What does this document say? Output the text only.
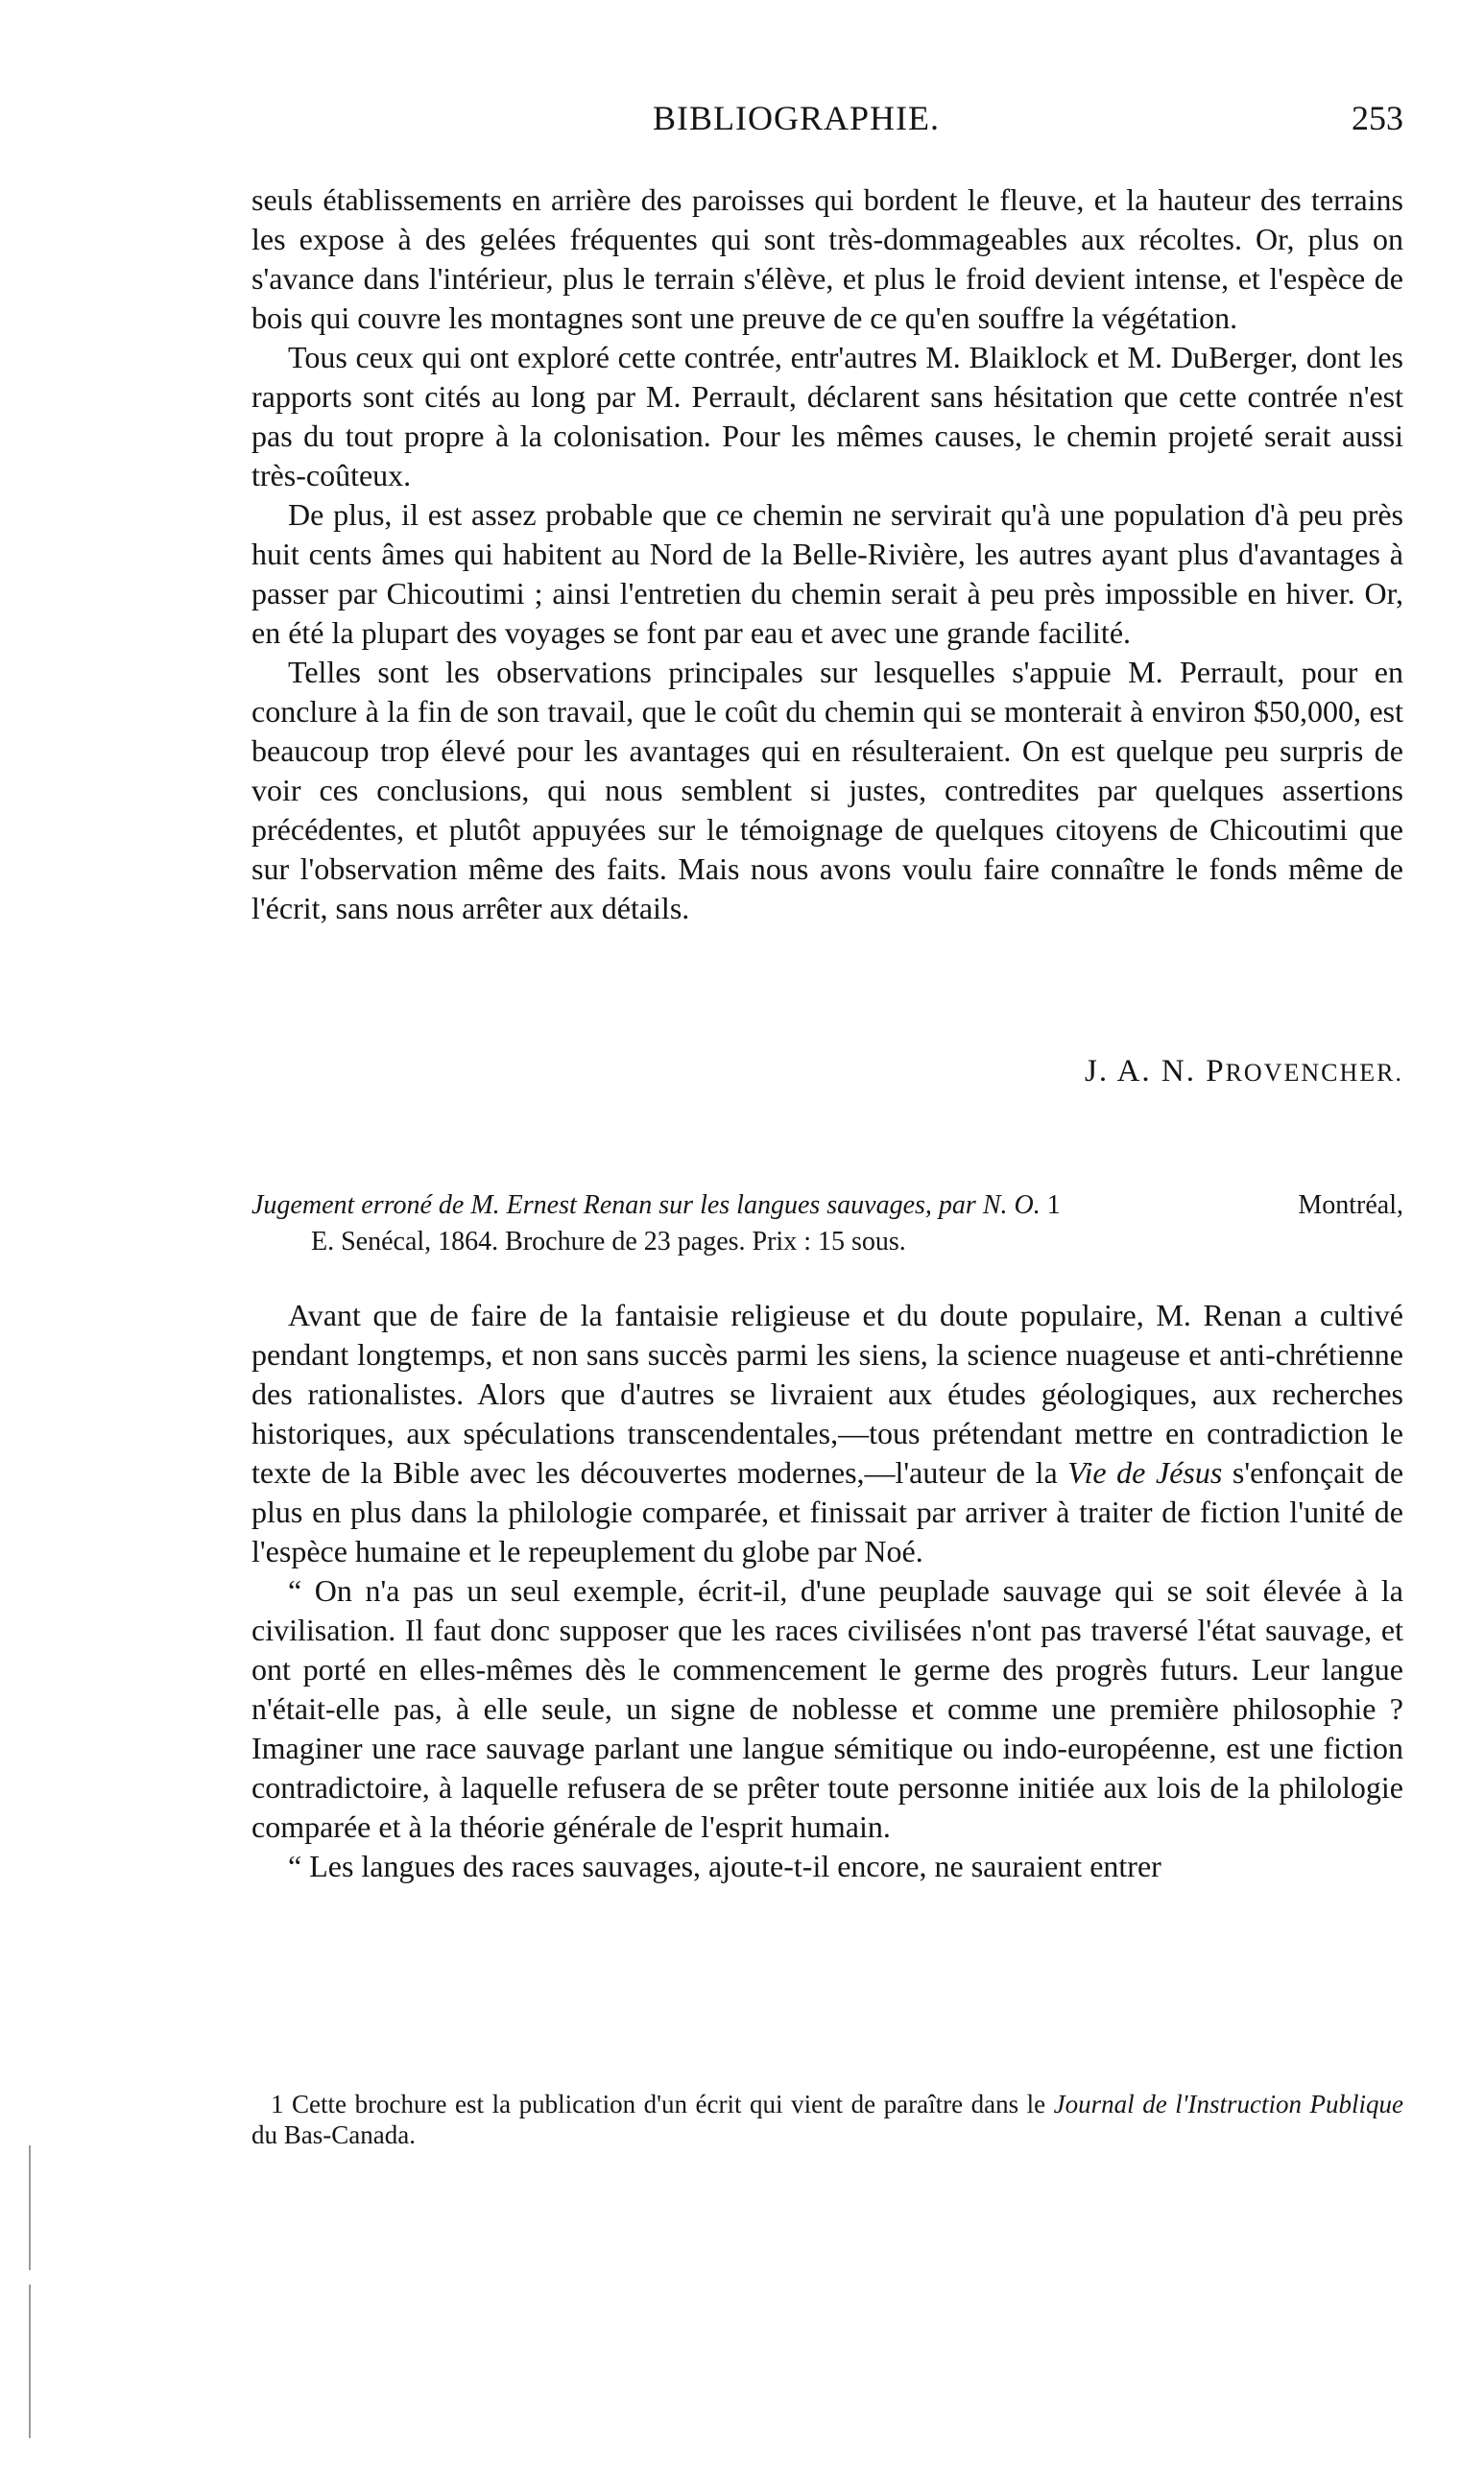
BIBLIOGRAPHIE.	253

seuls établissements en arrière des paroisses qui bordent le fleuve, et la hauteur des terrains les expose à des gelées fréquentes qui sont très-dommageables aux récoltes. Or, plus on s'avance dans l'intérieur, plus le terrain s'élève, et plus le froid devient intense, et l'espèce de bois qui couvre les montagnes sont une preuve de ce qu'en souffre la végétation.

Tous ceux qui ont exploré cette contrée, entr'autres M. Blaiklock et M. DuBerger, dont les rapports sont cités au long par M. Perrault, déclarent sans hésitation que cette contrée n'est pas du tout propre à la colonisation. Pour les mêmes causes, le chemin projeté serait aussi très-coûteux.

De plus, il est assez probable que ce chemin ne servirait qu'à une population d'à peu près huit cents âmes qui habitent au Nord de la Belle-Rivière, les autres ayant plus d'avantages à passer par Chicoutimi ; ainsi l'entretien du chemin serait à peu près impossible en hiver. Or, en été la plupart des voyages se font par eau et avec une grande facilité.

Telles sont les observations principales sur lesquelles s'appuie M. Perrault, pour en conclure à la fin de son travail, que le coût du chemin qui se monterait à environ $50,000, est beaucoup trop élevé pour les avantages qui en résulteraient. On est quelque peu surpris de voir ces conclusions, qui nous semblent si justes, contredites par quelques assertions précédentes, et plutôt appuyées sur le témoignage de quelques citoyens de Chicoutimi que sur l'observation même des faits. Mais nous avons voulu faire connaître le fonds même de l'écrit, sans nous arrêter aux détails.

J. A. N. PROVENCHER.
Jugement erroné de M. Ernest Renan sur les langues sauvages, par N. O. 1	Montréal,
E. Senécal, 1864. Brochure de 23 pages. Prix : 15 sous.

Avant que de faire de la fantaisie religieuse et du doute populaire, M. Renan a cultivé pendant longtemps, et non sans succès parmi les siens, la science nuageuse et anti-chrétienne des rationalistes. Alors que d'autres se livraient aux études géologiques, aux recherches historiques, aux spéculations transcendentales,—tous prétendant mettre en contradiction le texte de la Bible avec les découvertes modernes,—l'auteur de la Vie de Jésus s'enfonçait de plus en plus dans la philologie comparée, et finissait par arriver à traiter de fiction l'unité de l'espèce humaine et le repeuplement du globe par Noé.

“ On n'a pas un seul exemple, écrit-il, d'une peuplade sauvage qui se soit élevée à la civilisation. Il faut donc supposer que les races civilisées n'ont pas traversé l'état sauvage, et ont porté en elles-mêmes dès le commencement le germe des progrès futurs. Leur langue n'était-elle pas, à elle seule, un signe de noblesse et comme une première philosophie ? Imaginer une race sauvage parlant une langue sémitique ou indo-européenne, est une fiction contradictoire, à laquelle refusera de se prêter toute personne initiée aux lois de la philologie comparée et à la théorie générale de l'esprit humain.

“ Les langues des races sauvages, ajoute-t-il encore, ne sauraient entrer

1 Cette brochure est la publication d'un écrit qui vient de paraître dans le Journal de l'Instruction Publique du Bas-Canada.
